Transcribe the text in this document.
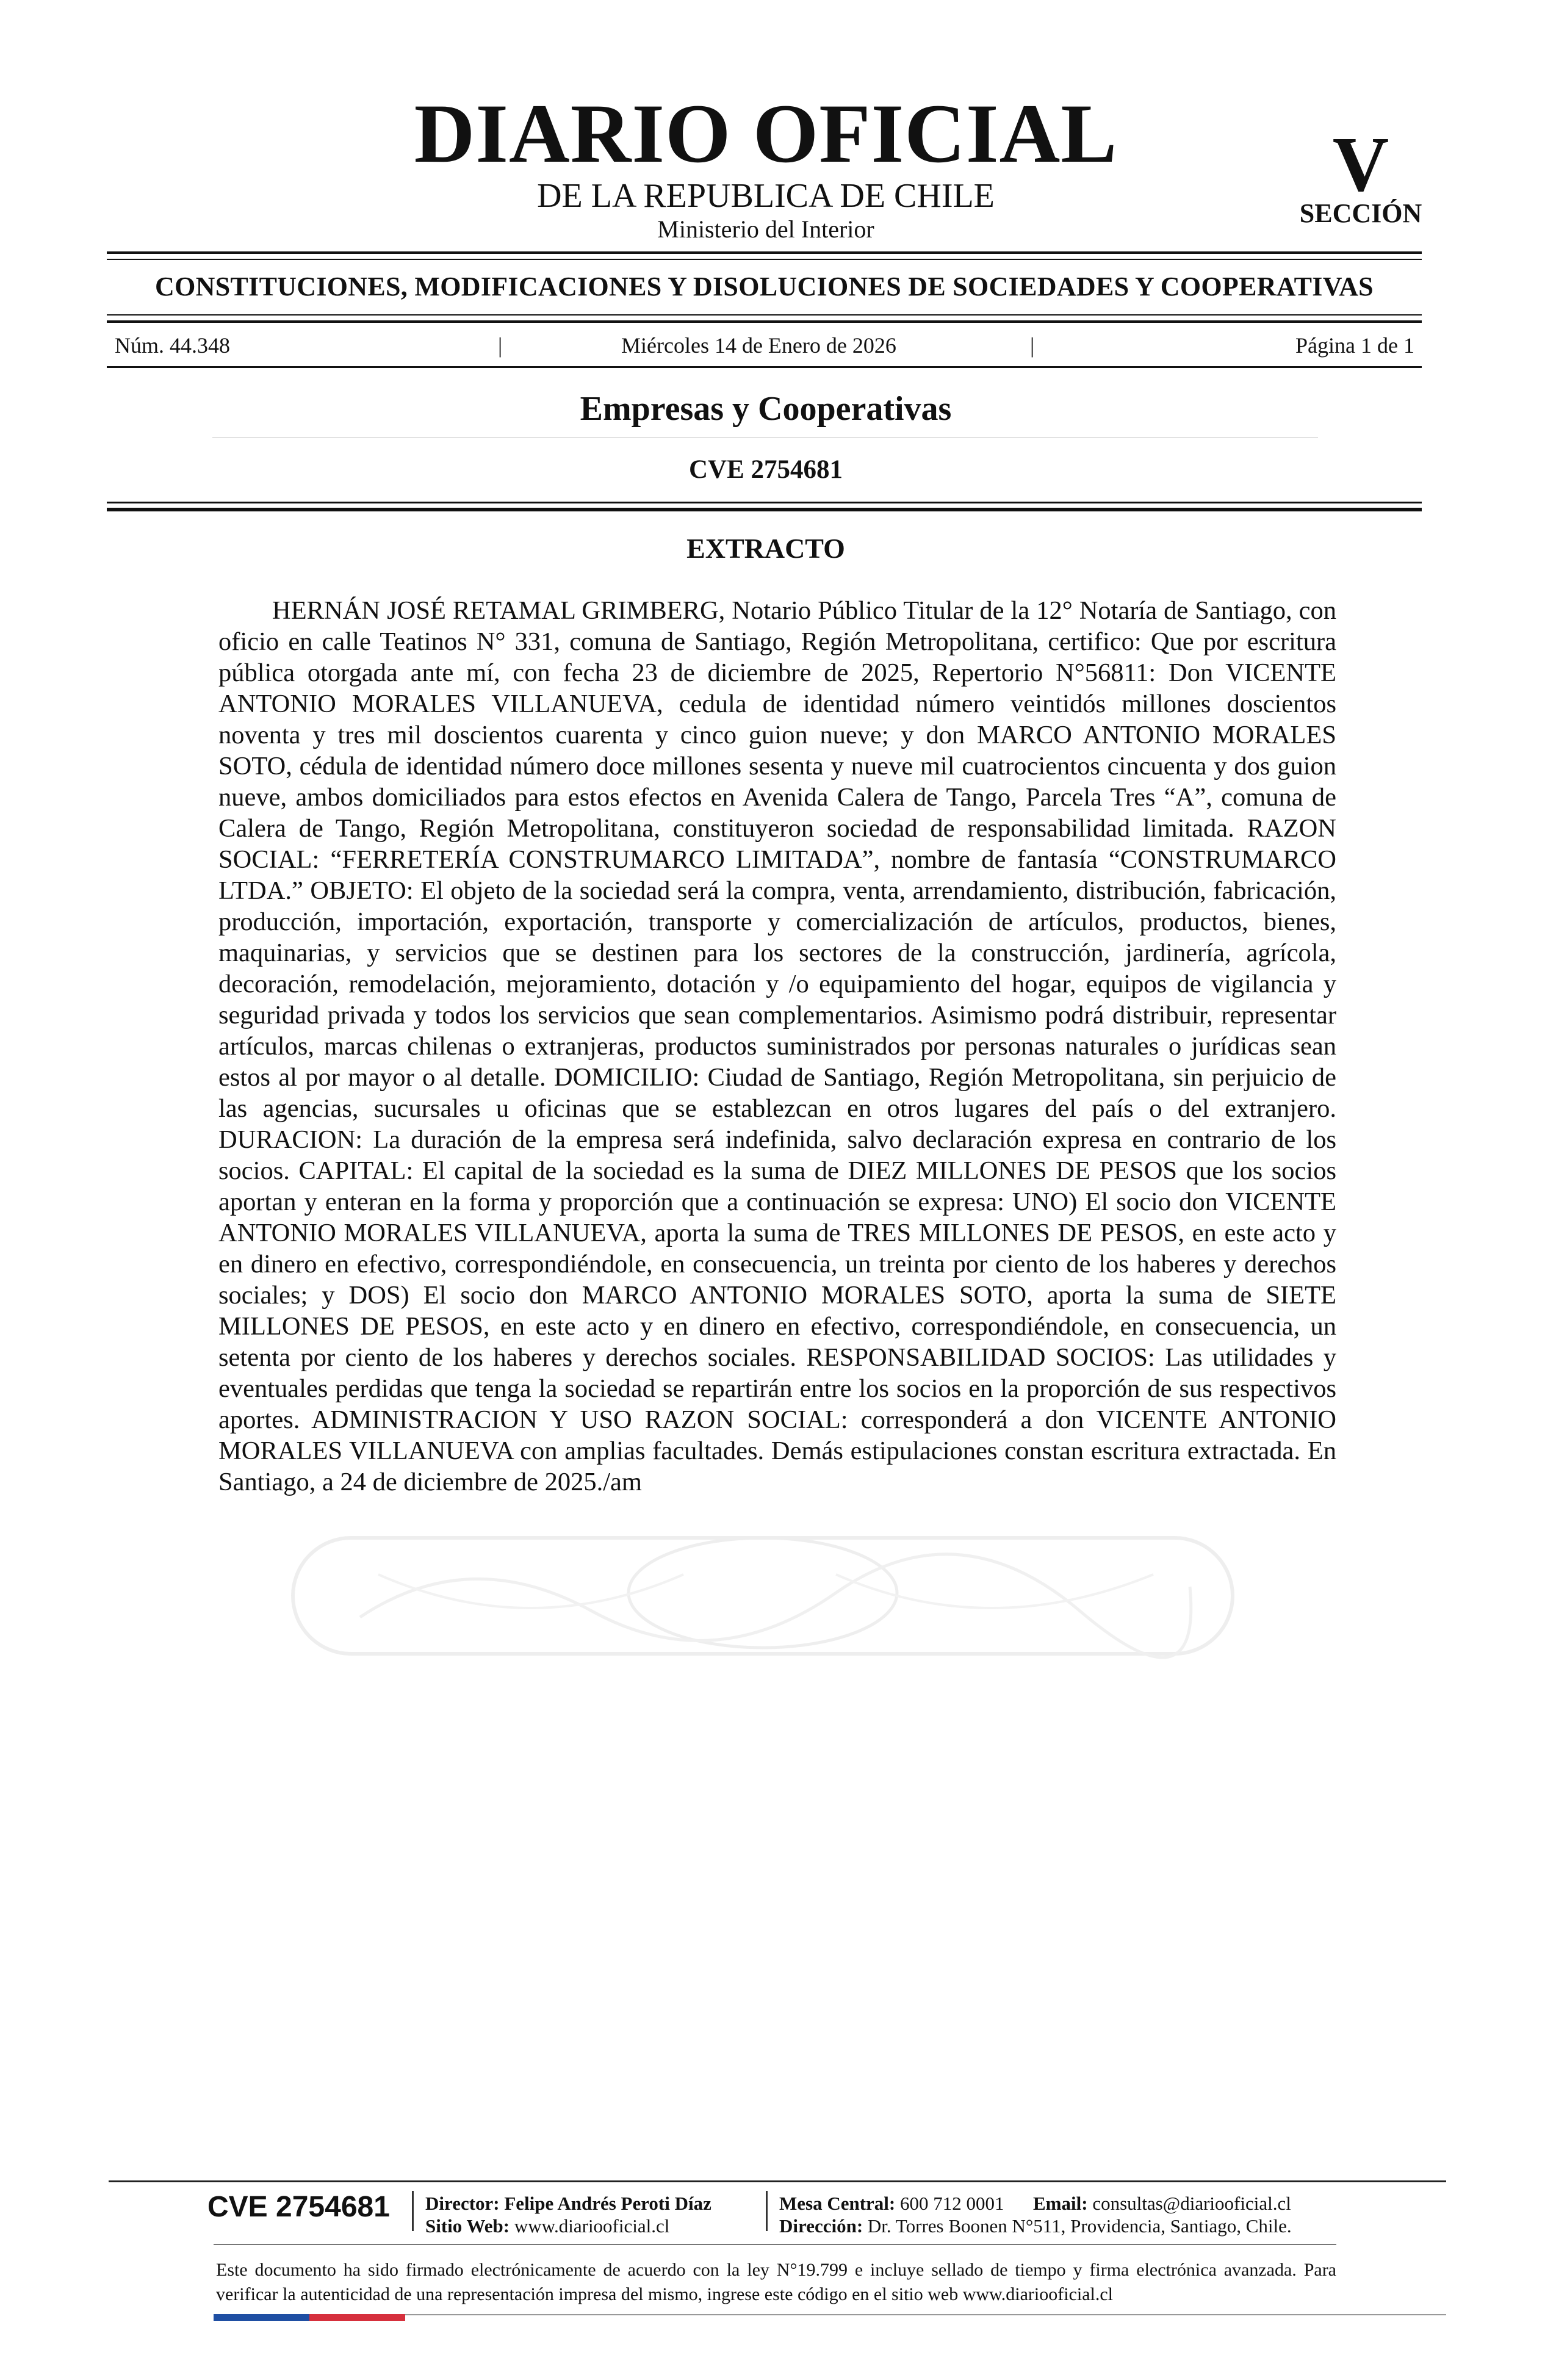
DIARIO OFICIAL
DE LA REPUBLICA DE CHILE
Ministerio del Interior
V
SECCIÓN
CONSTITUCIONES, MODIFICACIONES Y DISOLUCIONES DE SOCIEDADES Y COOPERATIVAS
Núm. 44.348	|	Miércoles 14 de Enero de 2026	|	Página 1 de 1
Empresas y Cooperativas
CVE 2754681
EXTRACTO

HERNÁN JOSÉ RETAMAL GRIMBERG, Notario Público Titular de la 12° Notaría de Santiago, con oficio en calle Teatinos N° 331, comuna de Santiago, Región Metropolitana, certifico: Que por escritura pública otorgada ante mí, con fecha 23 de diciembre de 2025, Repertorio N°56811: Don VICENTE ANTONIO MORALES VILLANUEVA, cedula de identidad número veintidós millones doscientos noventa y tres mil doscientos cuarenta y cinco guion nueve; y don MARCO ANTONIO MORALES SOTO, cédula de identidad número doce millones sesenta y nueve mil cuatrocientos cincuenta y dos guion nueve, ambos domiciliados para estos efectos en Avenida Calera de Tango, Parcela Tres “A”, comuna de Calera de Tango, Región Metropolitana, constituyeron sociedad de responsabilidad limitada. RAZON SOCIAL: “FERRETERÍA CONSTRUMARCO LIMITADA”, nombre de fantasía “CONSTRUMARCO LTDA.” OBJETO: El objeto de la sociedad será la compra, venta, arrendamiento, distribución, fabricación, producción, importación, exportación, transporte y comercialización de artículos, productos, bienes, maquinarias, y servicios que se destinen para los sectores de la construcción, jardinería, agrícola, decoración, remodelación, mejoramiento, dotación y /o equipamiento del hogar, equipos de vigilancia y seguridad privada y todos los servicios que sean complementarios. Asimismo podrá distribuir, representar artículos, marcas chilenas o extranjeras, productos suministrados por personas naturales o jurídicas sean estos al por mayor o al detalle. DOMICILIO: Ciudad de Santiago, Región Metropolitana, sin perjuicio de las agencias, sucursales u oficinas que se establezcan en otros lugares del país o del extranjero. DURACION: La duración de la empresa será indefinida, salvo declaración expresa en contrario de los socios. CAPITAL: El capital de la sociedad es la suma de DIEZ MILLONES DE PESOS que los socios aportan y enteran en la forma y proporción que a continuación se expresa: UNO) El socio don VICENTE ANTONIO MORALES VILLANUEVA, aporta la suma de TRES MILLONES DE PESOS, en este acto y en dinero en efectivo, correspondiéndole, en consecuencia, un treinta por ciento de los haberes y derechos sociales; y DOS) El socio don MARCO ANTONIO MORALES SOTO, aporta la suma de SIETE MILLONES DE PESOS, en este acto y en dinero en efectivo, correspondiéndole, en consecuencia, un setenta por ciento de los haberes y derechos sociales. RESPONSABILIDAD SOCIOS: Las utilidades y eventuales perdidas que tenga la sociedad se repartirán entre los socios en la proporción de sus respectivos aportes. ADMINISTRACION Y USO RAZON SOCIAL: corresponderá a don VICENTE ANTONIO MORALES VILLANUEVA con amplias facultades. Demás estipulaciones constan escritura extractada. En Santiago, a 24 de diciembre de 2025./am

CVE 2754681 Director: Felipe Andrés Peroti Díaz
Sitio Web: www.diariooficial.cl
Mesa Central: 600 712 0001 Email: consultas@diariooficial.cl
Dirección: Dr. Torres Boonen N°511, Providencia, Santiago, Chile.

Este documento ha sido firmado electrónicamente de acuerdo con la ley N°19.799 e incluye sellado de tiempo y firma electrónica avanzada. Para verificar la autenticidad de una representación impresa del mismo, ingrese este código en el sitio web www.diariooficial.cl
